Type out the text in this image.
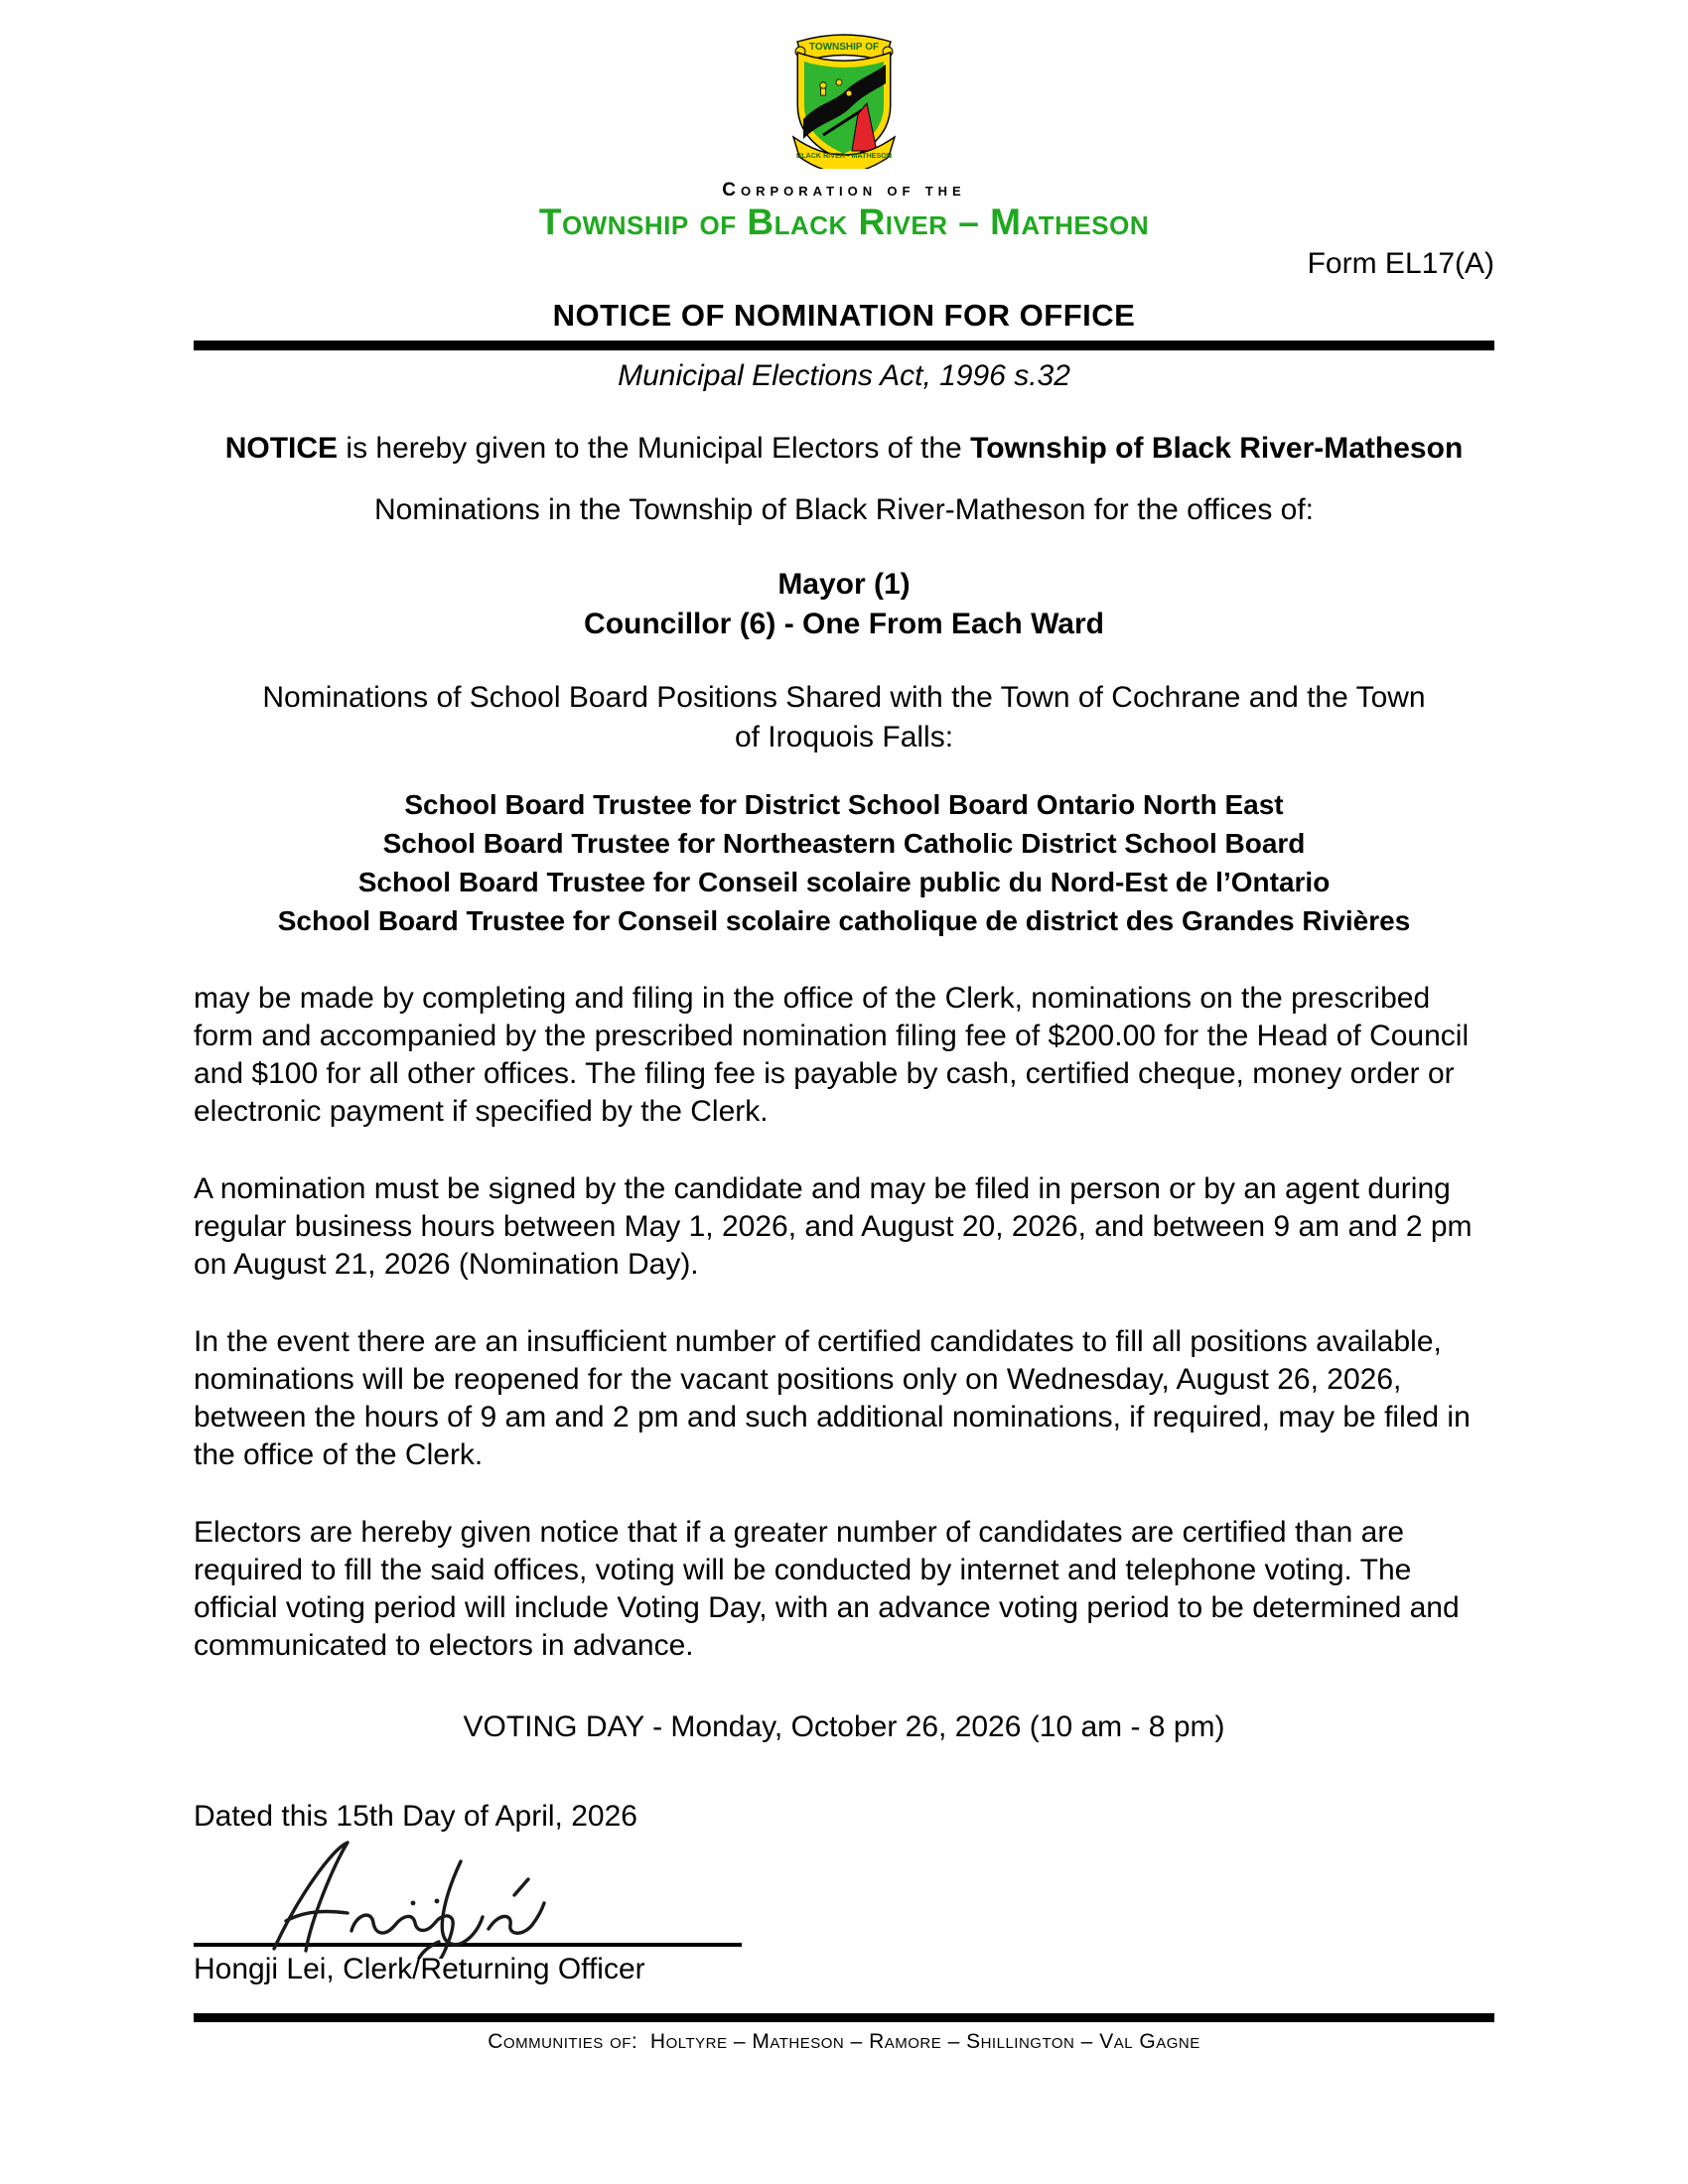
TOWNSHIP OF
BLACK RIVER - MATHESON
Corporation of the
Township of Black River – Matheson
Form EL17(A)
NOTICE OF NOMINATION FOR OFFICE
Municipal Elections Act, 1996 s.32
NOTICE is hereby given to the Municipal Electors of the Township of Black River-Matheson
Nominations in the Township of Black River-Matheson for the offices of:
Mayor (1)
Councillor (6) - One From Each Ward
Nominations of School Board Positions Shared with the Town of Cochrane and the Town of Iroquois Falls:
School Board Trustee for District School Board Ontario North East
School Board Trustee for Northeastern Catholic District School Board
School Board Trustee for Conseil scolaire public du Nord-Est de l’Ontario
School Board Trustee for Conseil scolaire catholique de district des Grandes Rivières
may be made by completing and filing in the office of the Clerk, nominations on the prescribed form and accompanied by the prescribed nomination filing fee of $200.00 for the Head of Council and $100 for all other offices. The filing fee is payable by cash, certified cheque, money order or electronic payment if specified by the Clerk.
A nomination must be signed by the candidate and may be filed in person or by an agent during regular business hours between May 1, 2026, and August 20, 2026, and between 9 am and 2 pm on August 21, 2026 (Nomination Day).
In the event there are an insufficient number of certified candidates to fill all positions available, nominations will be reopened for the vacant positions only on Wednesday, August 26, 2026, between the hours of 9 am and 2 pm and such additional nominations, if required, may be filed in the office of the Clerk.
Electors are hereby given notice that if a greater number of candidates are certified than are required to fill the said offices, voting will be conducted by internet and telephone voting. The official voting period will include Voting Day, with an advance voting period to be determined and communicated to electors in advance.
VOTING DAY - Monday, October 26, 2026 (10 am - 8 pm)
Dated this 15th Day of April, 2026
Hongji Lei, Clerk/Returning Officer
Communities of: Holtyre – Matheson – Ramore – Shillington – Val Gagne
